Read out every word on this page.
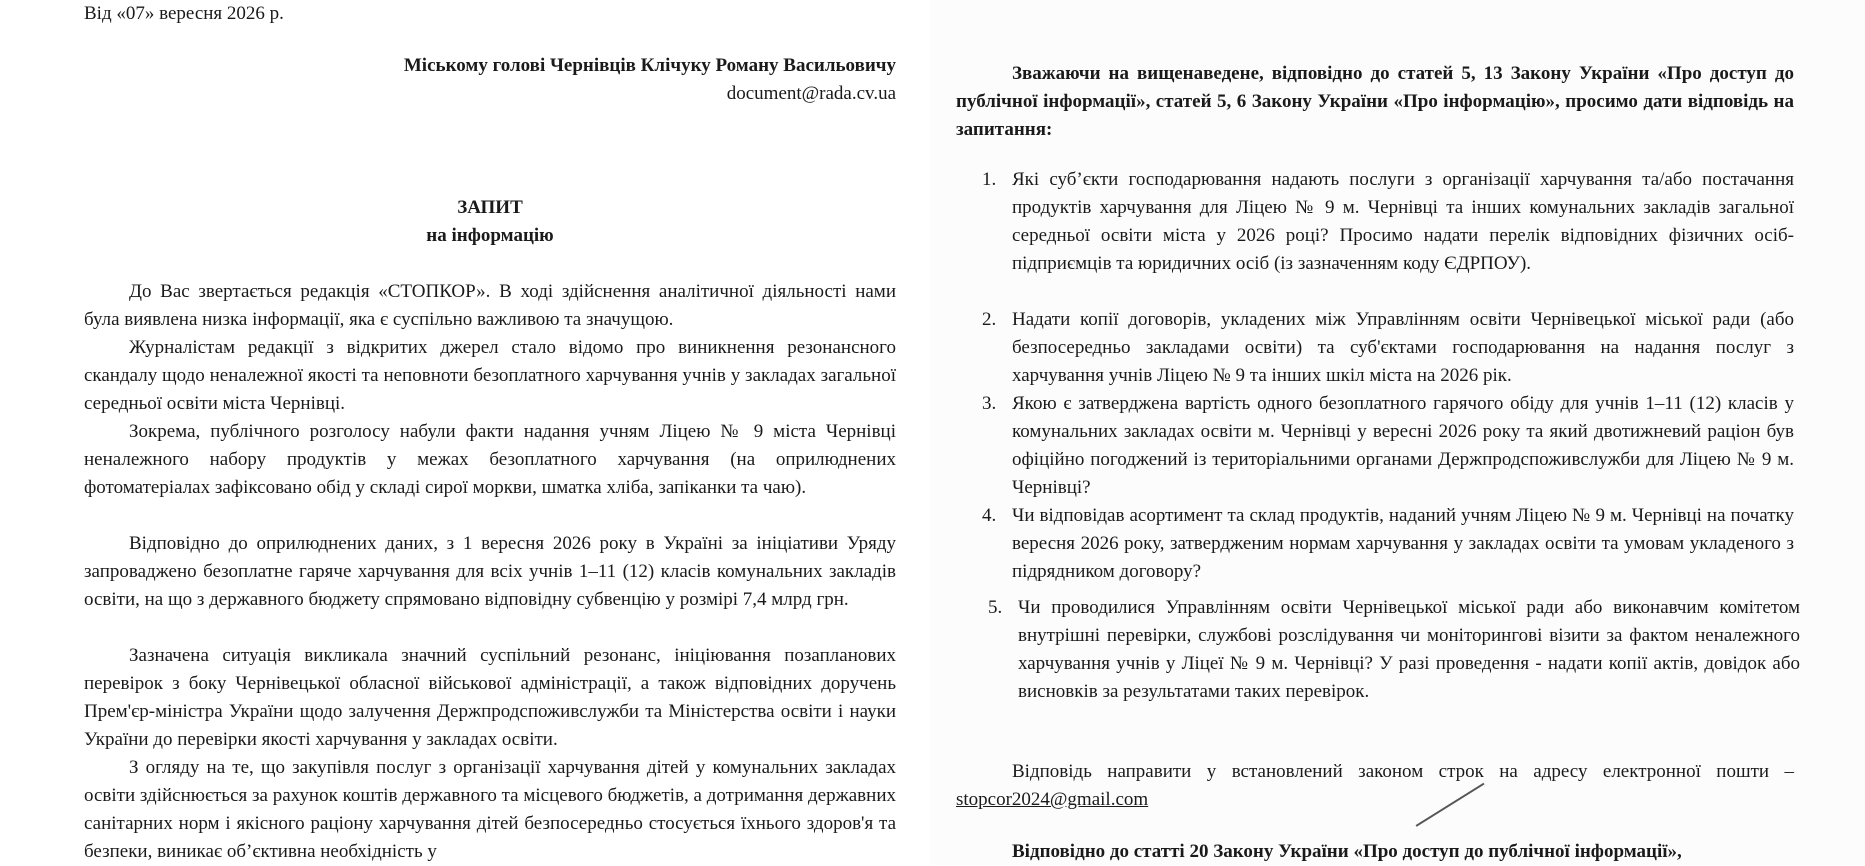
Від «07» вересня 2026 р.
Міському голові Чернівців Клічуку Роману Васильовичу
document@rada.cv.ua
ЗАПИТ
на інформацію
До Вас звертається редакція «СТОПКОР». В ході здійснення аналітичної діяльності нами була виявлена низка інформації, яка є суспільно важливою та значущою.
Журналістам редакції з відкритих джерел стало відомо про виникнення резонансного скандалу щодо неналежної якості та неповноти безоплатного харчування учнів у закладах загальної середньої освіти міста Чернівці.
Зокрема, публічного розголосу набули факти надання учням Ліцею № 9 міста Чернівці неналежного набору продуктів у межах безоплатного харчування (на оприлюднених фотоматеріалах зафіксовано обід у складі сирої моркви, шматка хліба, запіканки та чаю).
Відповідно до оприлюднених даних, з 1 вересня 2026 року в Україні за ініціативи Уряду запроваджено безоплатне гаряче харчування для всіх учнів 1–11 (12) класів комунальних закладів освіти, на що з державного бюджету спрямовано відповідну субвенцію у розмірі 7,4 млрд грн.
Зазначена ситуація викликала значний суспільний резонанс, ініціювання позапланових перевірок з боку Чернівецької обласної військової адміністрації, а також відповідних доручень Прем'єр-міністра України щодо залучення Держпродспоживслужби та Міністерства освіти і науки України до перевірки якості харчування у закладах освіти.
З огляду на те, що закупівля послуг з організації харчування дітей у комунальних закладах освіти здійснюється за рахунок коштів державного та місцевого бюджетів, а дотримання державних санітарних норм і якісного раціону харчування дітей безпосередньо стосується їхнього здоров'я та безпеки, виникає об’єктивна необхідність у
Зважаючи на вищенаведене, відповідно до статей 5, 13 Закону України «Про доступ до публічної інформації», статей 5, 6 Закону України «Про інформацію», просимо дати відповідь на запитання:
1. Які суб’єкти господарювання надають послуги з організації харчування та/або постачання продуктів харчування для Ліцею № 9 м. Чернівці та інших комунальних закладів загальної середньої освіти міста у 2026 році? Просимо надати перелік відповідних фізичних осіб-підприємців та юридичних осіб (із зазначенням коду ЄДРПОУ).
2. Надати копії договорів, укладених між Управлінням освіти Чернівецької міської ради (або безпосередньо закладами освіти) та суб'єктами господарювання на надання послуг з харчування учнів Ліцею № 9 та інших шкіл міста на 2026 рік.
3. Якою є затверджена вартість одного безоплатного гарячого обіду для учнів 1–11 (12) класів у комунальних закладах освіти м. Чернівці у вересні 2026 року та який двотижневий раціон був офіційно погоджений із територіальними органами Держпродспоживслужби для Ліцею № 9 м. Чернівці?
4. Чи відповідав асортимент та склад продуктів, наданий учням Ліцею № 9 м. Чернівці на початку вересня 2026 року, затвердженим нормам харчування у закладах освіти та умовам укладеного з підрядником договору?
5. Чи проводилися Управлінням освіти Чернівецької міської ради або виконавчим комітетом внутрішні перевірки, службові розслідування чи моніторингові візити за фактом неналежного харчування учнів у Ліцеї № 9 м. Чернівці? У разі проведення - надати копії актів, довідок або висновків за результатами таких перевірок.
Відповідь направити у встановлений законом строк на адресу електронної пошти – stopcor2024@gmail.com
Відповідно до статті 20 Закону України «Про доступ до публічної інформації»,
